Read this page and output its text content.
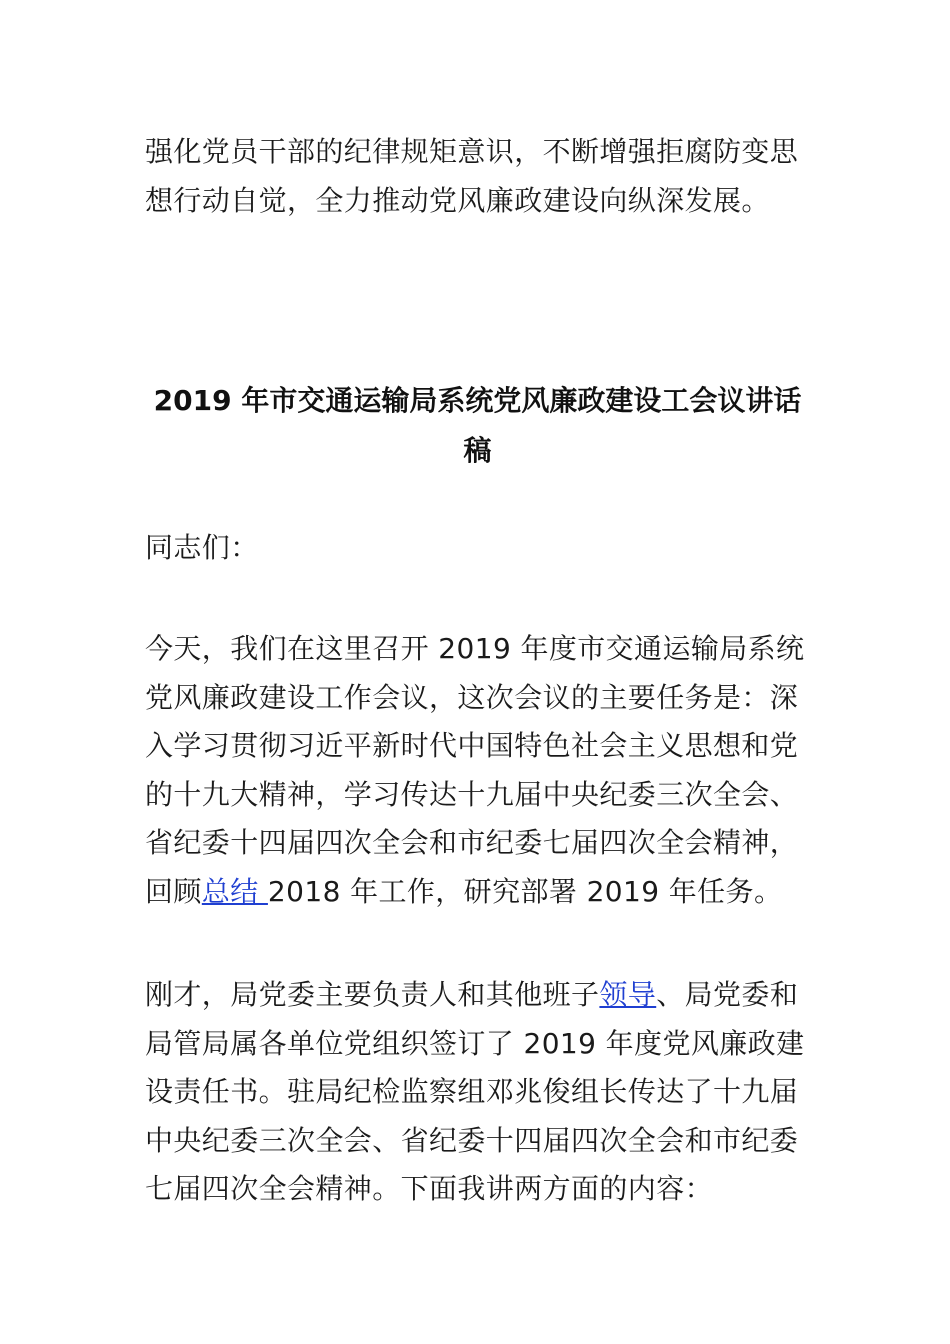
强化党员干部的纪律规矩意识，不断增强拒腐防变思
想行动自觉，全力推动党风廉政建设向纵深发展。
2019 年市交通运输局系统党风廉政建设工会议讲话
稿
同志们：
今天，我们在这里召开 2019 年度市交通运输局系统
党风廉政建设工作会议，这次会议的主要任务是：深
入学习贯彻习近平新时代中国特色社会主义思想和党
的十九大精神，学习传达十九届中央纪委三次全会、
省纪委十四届四次全会和市纪委七届四次全会精神，
回顾总结 2018 年工作，研究部署 2019 年任务。
刚才，局党委主要负责人和其他班子领导、局党委和
局管局属各单位党组织签订了 2019 年度党风廉政建
设责任书。驻局纪检监察组邓兆俊组长传达了十九届
中央纪委三次全会、省纪委十四届四次全会和市纪委
七届四次全会精神。下面我讲两方面的内容：
